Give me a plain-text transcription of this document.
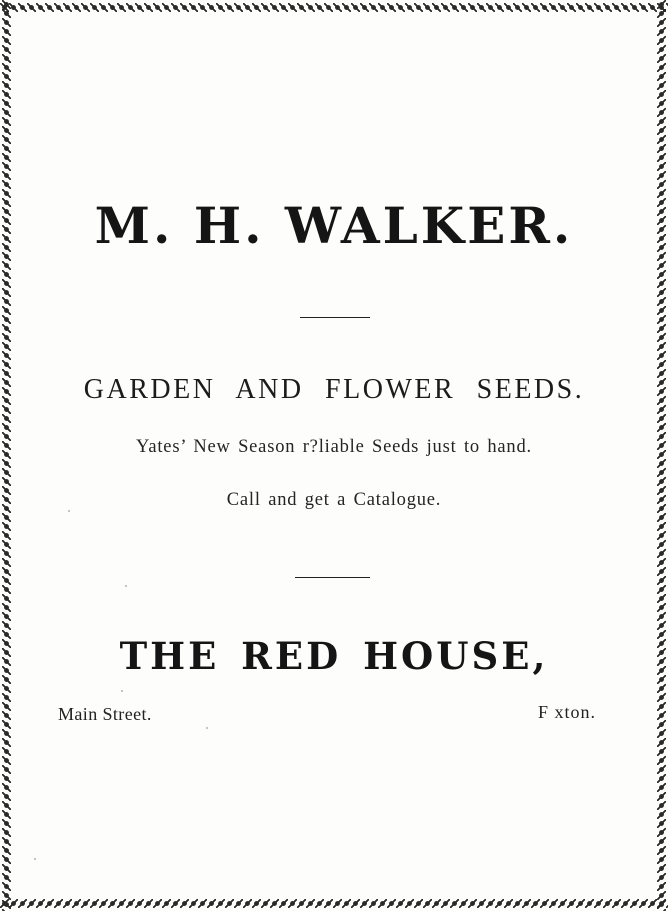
M. H. WALKER.
GARDEN AND FLOWER SEEDS.
Yates’ New Season r?liable Seeds just to hand.
Call and get a Catalogue.
THE RED HOUSE,
Main Street.	F xton.
